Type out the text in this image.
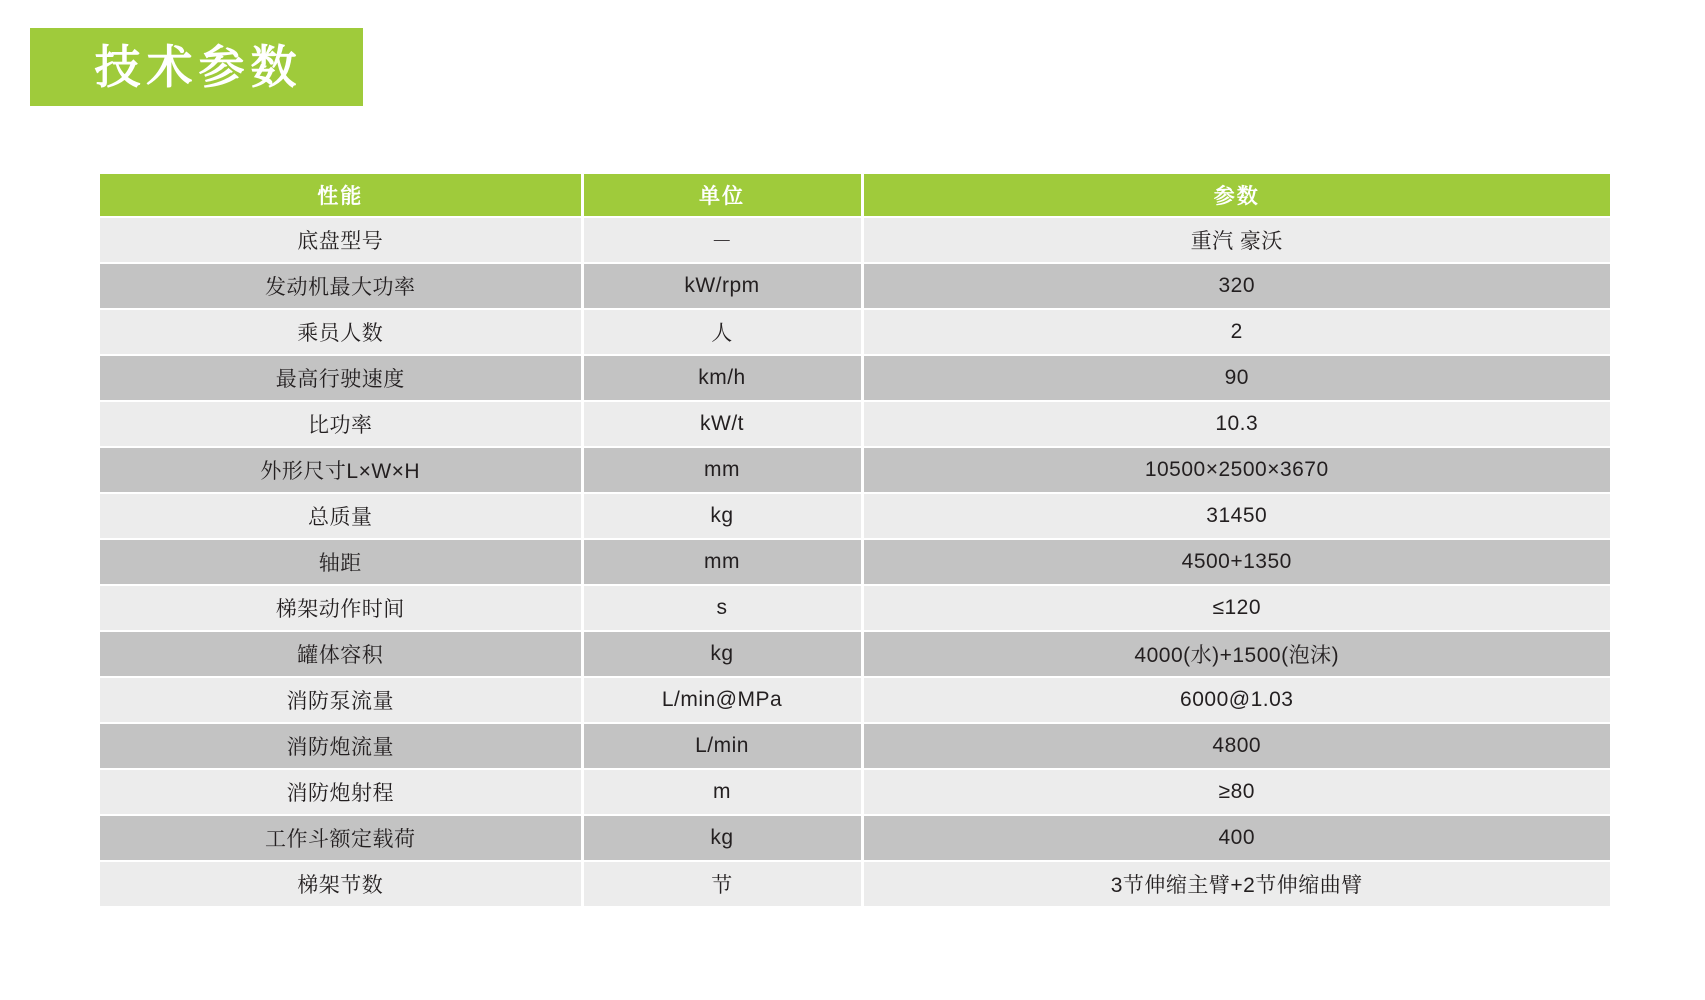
技术参数
性能	单位	参数
底盘型号	－	重汽 豪沃
发动机最大功率	kW/rpm	320
乘员人数	人	2
最高行驶速度	km/h	90
比功率	kW/t	10.3
外形尺寸L×W×H	mm	10500×2500×3670
总质量	kg	31450
轴距	mm	4500+1350
梯架动作时间	s	≤120
罐体容积	kg	4000(水)+1500(泡沫)
消防泵流量	L/min@MPa	6000@1.03
消防炮流量	L/min	4800
消防炮射程	m	≥80
工作斗额定载荷	kg	400
梯架节数	节	3节伸缩主臂+2节伸缩曲臂
